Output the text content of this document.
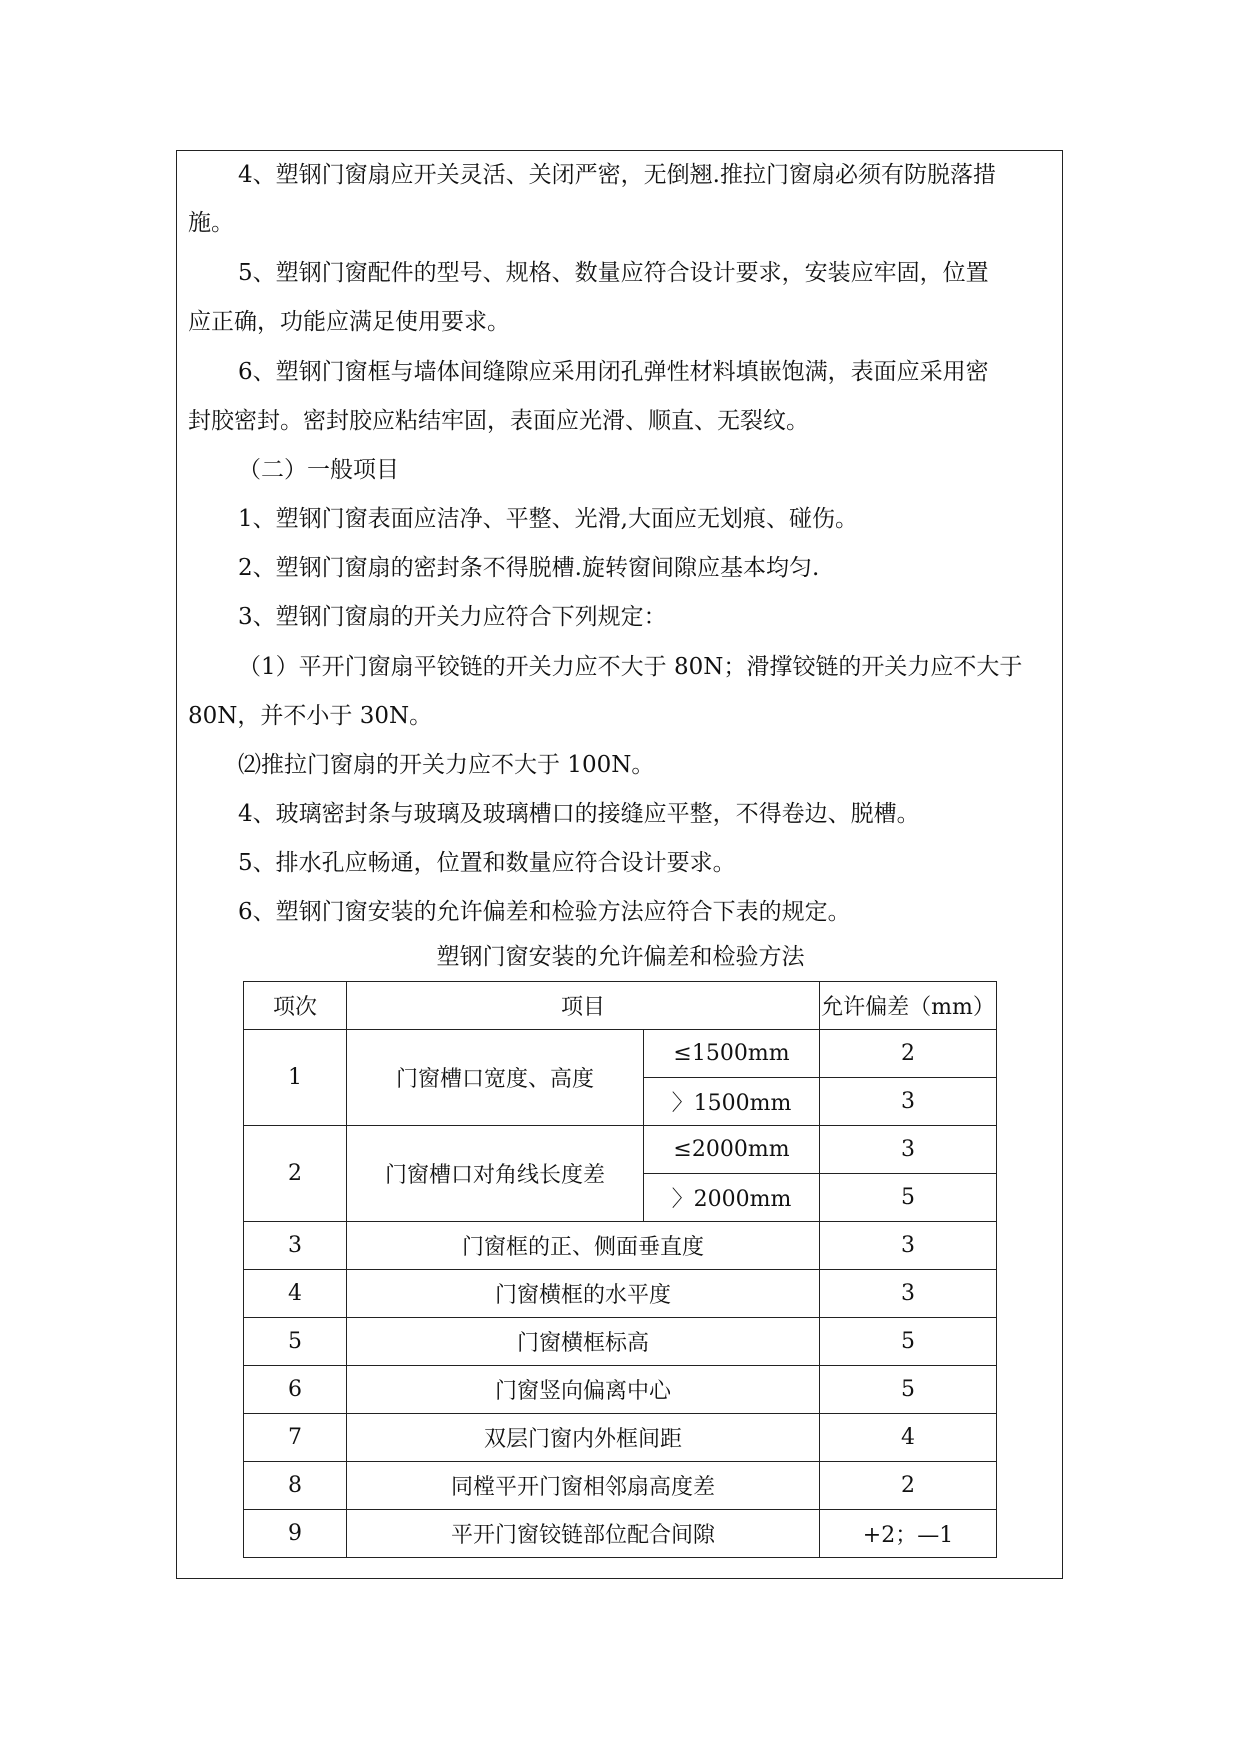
4、塑钢门窗扇应开关灵活、关闭严密，无倒翘.推拉门窗扇必须有防脱落措
施。
5、塑钢门窗配件的型号、规格、数量应符合设计要求，安装应牢固，位置
应正确，功能应满足使用要求。
6、塑钢门窗框与墙体间缝隙应采用闭孔弹性材料填嵌饱满，表面应采用密
封胶密封。密封胶应粘结牢固，表面应光滑、顺直、无裂纹。
（二）一般项目
1、塑钢门窗表面应洁净、平整、光滑,大面应无划痕、碰伤。
2、塑钢门窗扇的密封条不得脱槽.旋转窗间隙应基本均匀.
3、塑钢门窗扇的开关力应符合下列规定：
（1）平开门窗扇平铰链的开关力应不大于 80N；滑撑铰链的开关力应不大于
80N，并不小于 30N。
⑵推拉门窗扇的开关力应不大于 100N。
4、玻璃密封条与玻璃及玻璃槽口的接缝应平整，不得卷边、脱槽。
5、排水孔应畅通，位置和数量应符合设计要求。
6、塑钢门窗安装的允许偏差和检验方法应符合下表的规定。
塑钢门窗安装的允许偏差和检验方法
项次	项目		允许偏差（mm）
1	门窗槽口宽度、高度	≤1500mm	2
		〉1500mm	3
2	门窗槽口对角线长度差	≤2000mm	3
		〉2000mm	5
3	门窗框的正、侧面垂直度		3
4	门窗横框的水平度		3
5	门窗横框标高		5
6	门窗竖向偏离中心		5
7	双层门窗内外框间距		4
8	同樘平开门窗相邻扇高度差		2
9	平开门窗铰链部位配合间隙		+2；—1
